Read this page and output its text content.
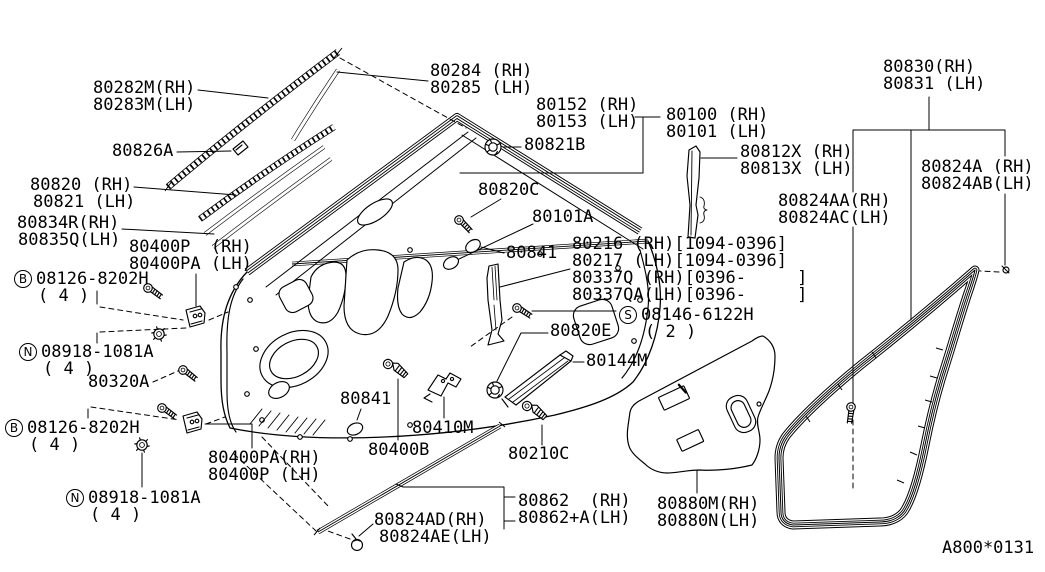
80282M(RH)
80283M(LH)
80826A
80820 (RH)
80821 (LH)
80834R(RH)
80835Q(LH) 80400P  (RH)
80400PA (LH)
B 08126-8202H
( 4 )
N 08918-1081A
( 4 )
80320A
B 08126-8202H
( 4 )
80400PA(RH)
80400P (LH)
N 08918-1081A
( 4 )
80284 (RH)
80285 (LH)
80152 (RH)
80153 (LH)
80821B
80100 (RH)
80101 (LH)
80820C
80101A
80812X (RH)
80813X (LH)
80830(RH)
80831 (LH)
80824A (RH)
80824AB(LH)
80824AA(RH)
80824AC(LH)
80841 80216 (RH)[1094-0396]
80217 (LH)[1094-0396]
80337Q (RH)[0396-     ]
80337QA(LH)[0396-     ]
S 08146-6122H
( 2 )
80820E
80144M
80841
80410M
80400B	80210C
80862  (RH)
80862+A(LH)
80824AD(RH)
80824AE(LH)
80880M(RH)
80880N(LH)
A800*0131
